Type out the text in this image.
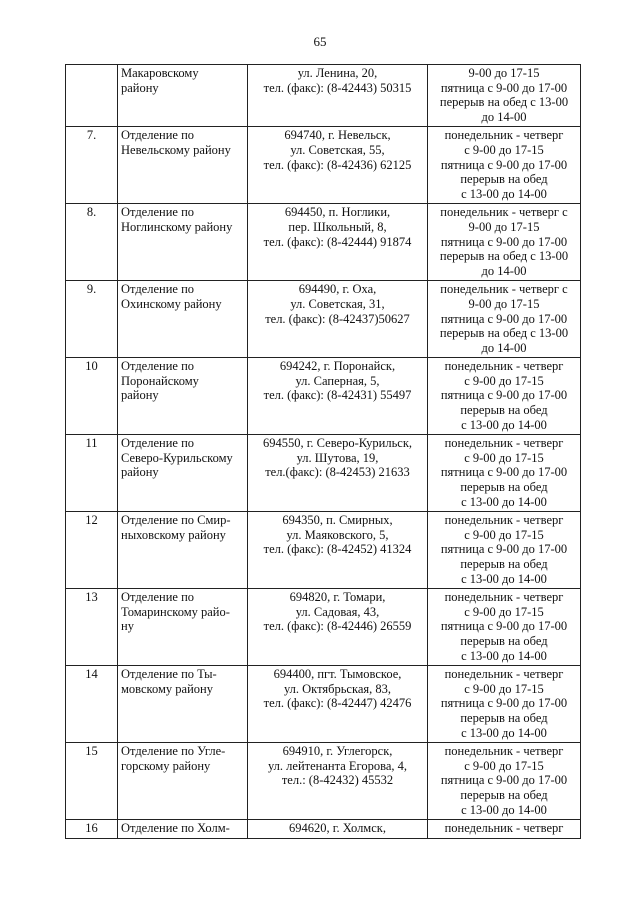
65

	Макаровскому
району	ул. Ленина, 20,
тел. (факс): (8-42443) 50315	9-00 до 17-15
пятница с 9-00 до 17-00
перерыв на обед с 13-00
до 14-00

7.	Отделение по
Невельскому району	694740, г. Невельск,
ул. Советская, 55,
тел. (факс): (8-42436) 62125	понедельник - четверг
с 9-00 до 17-15
пятница с 9-00 до 17-00
перерыв на обед
с 13-00 до 14-00

8.	Отделение по
Ноглинскому району	694450, п. Ноглики,
пер. Школьный, 8,
тел. (факс): (8-42444) 91874	понедельник - четверг с
9-00 до 17-15
пятница с 9-00 до 17-00
перерыв на обед с 13-00
до 14-00

9.	Отделение по
Охинскому району	694490, г. Оха,
ул. Советская, 31,
тел. (факс): (8-42437)50627	понедельник - четверг с
9-00 до 17-15
пятница с 9-00 до 17-00
перерыв на обед с 13-00
до 14-00

10	Отделение по
Поронайскому
району	694242, г. Поронайск,
ул. Саперная, 5,
тел. (факс): (8-42431) 55497	понедельник - четверг
с 9-00 до 17-15
пятница с 9-00 до 17-00
перерыв на обед
с 13-00 до 14-00

11	Отделение по
Северо-Курильскому
району	694550, г. Северо-Курильск,
ул. Шутова, 19,
тел.(факс): (8-42453) 21633	понедельник - четверг
с 9-00 до 17-15
пятница с 9-00 до 17-00
перерыв на обед
с 13-00 до 14-00

12	Отделение по Смир-
ныховскому району	694350, п. Смирных,
ул. Маяковского, 5,
тел. (факс): (8-42452) 41324	понедельник - четверг
с 9-00 до 17-15
пятница с 9-00 до 17-00
перерыв на обед
с 13-00 до 14-00

13	Отделение по
Томаринскому райо-
ну	694820, г. Томари,
ул. Садовая, 43,
тел. (факс): (8-42446) 26559	понедельник - четверг
с 9-00 до 17-15
пятница с 9-00 до 17-00
перерыв на обед
с 13-00 до 14-00

14	Отделение по Ты-
мовскому району	694400, пгт. Тымовское,
ул. Октябрьская, 83,
тел. (факс): (8-42447) 42476	понедельник - четверг
с 9-00 до 17-15
пятница с 9-00 до 17-00
перерыв на обед
с 13-00 до 14-00

15	Отделение по Угле-
горскому району	694910, г. Углегорск,
ул. лейтенанта Егорова, 4,
тел.: (8-42432) 45532	понедельник - четверг
с 9-00 до 17-15
пятница с 9-00 до 17-00
перерыв на обед
с 13-00 до 14-00

16	Отделение по Холм-	694620, г. Холмск,	понедельник - четверг
